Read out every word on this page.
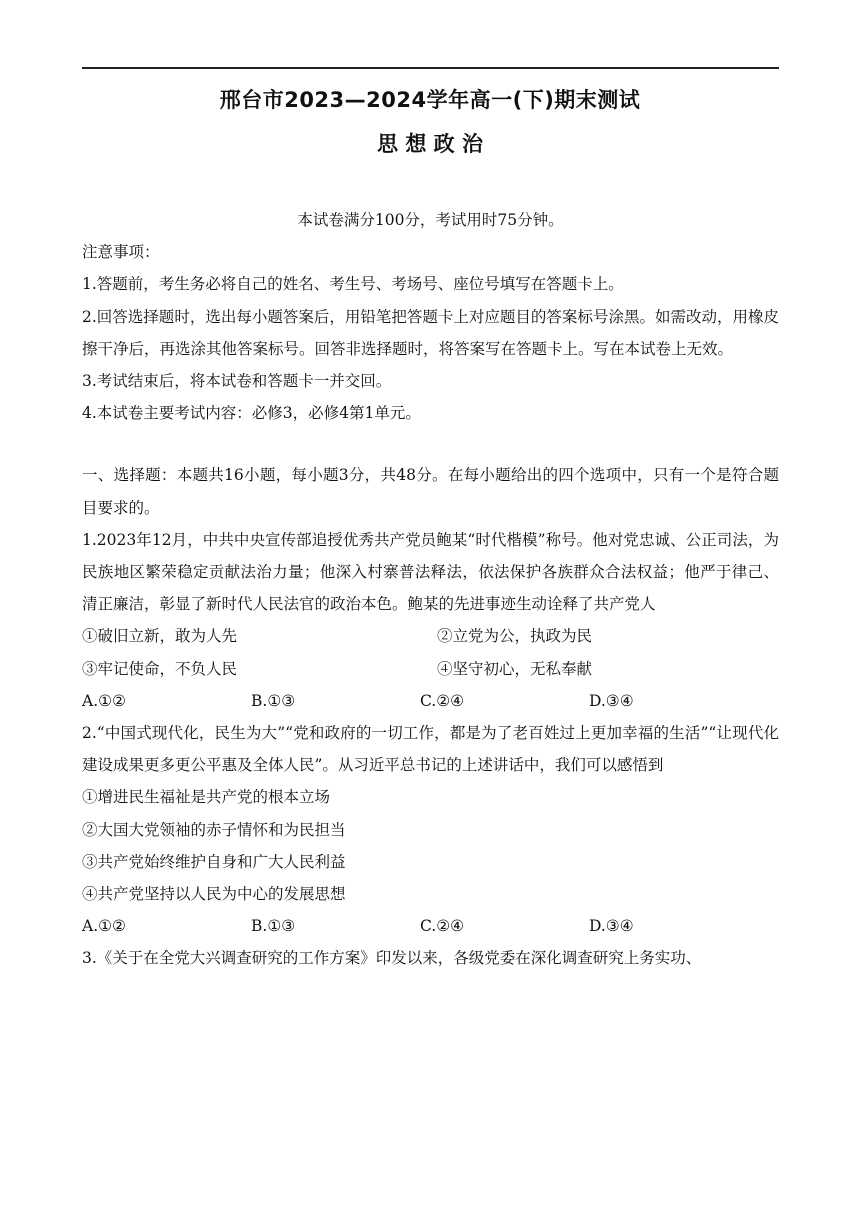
邢台市2023—2024学年高一(下)期末测试
思 想 政 治
本试卷满分100分，考试用时75分钟。
注意事项：
1.答题前，考生务必将自己的姓名、考生号、考场号、座位号填写在答题卡上。
2.回答选择题时，选出每小题答案后，用铅笔把答题卡上对应题目的答案标号涂黑。如需改动，用橡皮擦干净后，再选涂其他答案标号。回答非选择题时，将答案写在答题卡上。写在本试卷上无效。
3.考试结束后，将本试卷和答题卡一并交回。
4.本试卷主要考试内容：必修3，必修4第1单元。
一、选择题：本题共16小题，每小题3分，共48分。在每小题给出的四个选项中，只有一个是符合题目要求的。
1.2023年12月，中共中央宣传部追授优秀共产党员鲍某“时代楷模”称号。他对党忠诚、公正司法，为民族地区繁荣稳定贡献法治力量；他深入村寨普法释法，依法保护各族群众合法权益；他严于律己、清正廉洁，彰显了新时代人民法官的政治本色。鲍某的先进事迹生动诠释了共产党人
①破旧立新，敢为人先	②立党为公，执政为民
③牢记使命，不负人民	④坚守初心，无私奉献
A.①②	B.①③	C.②④	D.③④
2.“中国式现代化，民生为大”“党和政府的一切工作，都是为了老百姓过上更加幸福的生活”“让现代化建设成果更多更公平惠及全体人民”。从习近平总书记的上述讲话中，我们可以感悟到
①增进民生福祉是共产党的根本立场
②大国大党领袖的赤子情怀和为民担当
③共产党始终维护自身和广大人民利益
④共产党坚持以人民为中心的发展思想
A.①②	B.①③	C.②④	D.③④
3.《关于在全党大兴调查研究的工作方案》印发以来，各级党委在深化调查研究上务实功、
